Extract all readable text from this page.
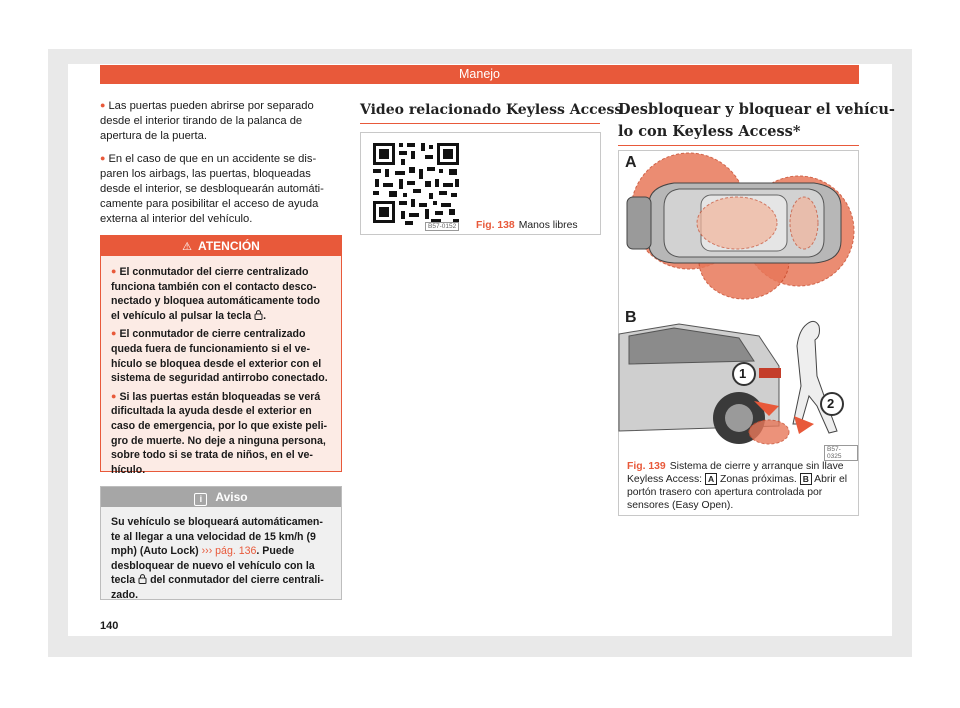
Manejo

● Las puertas pueden abrirse por separado desde el interior tirando de la palanca de apertura de la puerta.

● En el caso de que en un accidente se dis- paren los airbags, las puertas, bloqueadas desde el interior, se desbloquearán automáti- camente para posibilitar el acceso de ayuda externa al interior del vehículo.

⚠ ATENCIÓN

● El conmutador del cierre centralizado funciona también con el contacto desco- nectado y bloquea automáticamente todo el vehículo al pulsar la tecla .

● El conmutador de cierre centralizado queda fuera de funcionamiento si el ve- hículo se bloquea desde el exterior con el sistema de seguridad antirrobo conectado.

● Si las puertas están bloqueadas se verá dificultada la ayuda desde el exterior en caso de emergencia, por lo que existe peli- gro de muerte. No deje a ninguna persona, sobre todo si se trata de niños, en el ve- hículo.

i Aviso
Su vehículo se bloqueará automáticamen- te al llegar a una velocidad de 15 km/h (9 mph) (Auto Lock) ››› pág. 136. Puede desbloquear de nuevo el vehículo con la tecla del conmutador del cierre centrali- zado.
140
Video relacionado Keyless Access
B57-0152 Fig. 138 Manos libres
Desbloquear y bloquear el vehícu-
lo con Keyless Access*
A
B
1
2
B57-0325
Fig. 139 Sistema de cierre y arranque sin llave Keyless Access: A Zonas próximas. B Abrir el portón trasero con apertura controlada por sensores (Easy Open).
